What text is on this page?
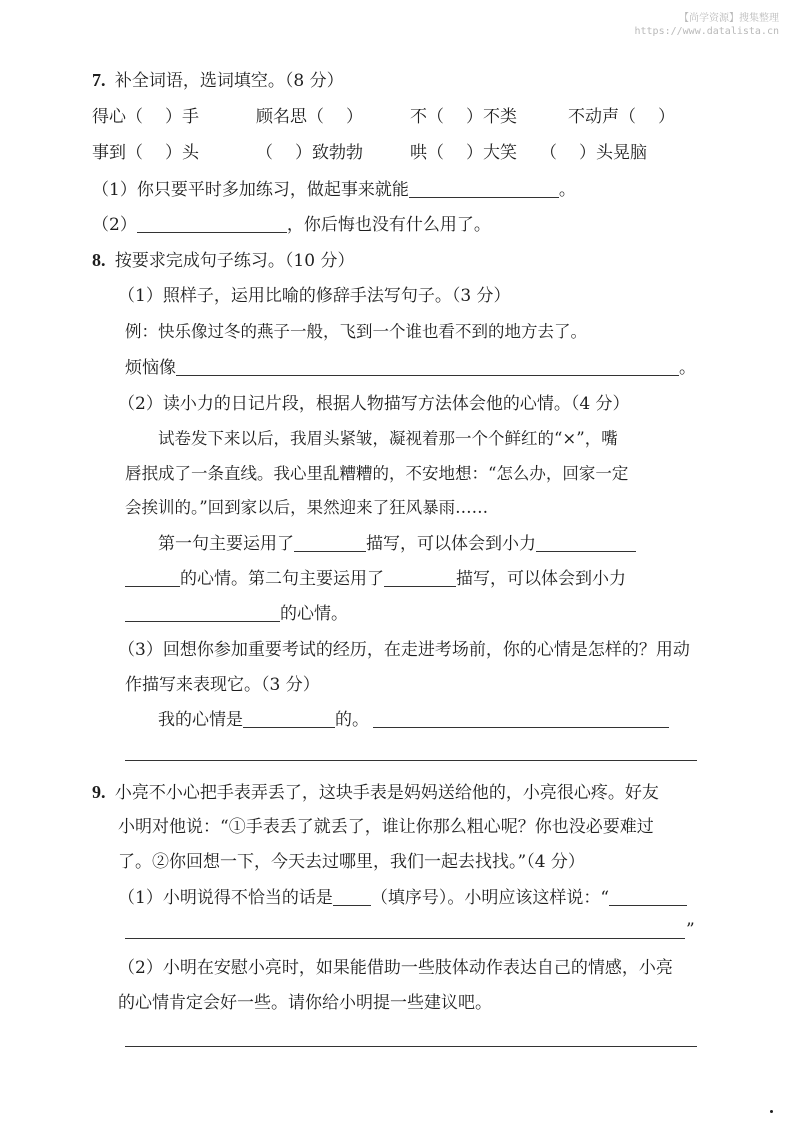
【尚学资源】搜集整理
https://www.datalista.cn
7. 补全词语，选词填空。（8 分）
得心（ ）手	顾名思（ ）	不（ ）不类	不动声（ ）
事到（ ）头	（ ）致勃勃	哄（ ）大笑 （ ）头晃脑
（1）你只要平时多加练习，做起事来就能	。
（2）	，你后悔也没有什么用了。
8. 按要求完成句子练习。（10 分）
（1）照样子，运用比喻的修辞手法写句子。（3 分）
例：快乐像过冬的燕子一般，飞到一个谁也看不到的地方去了。
烦恼像	。
（2）读小力的日记片段，根据人物描写方法体会他的心情。（4 分）
试卷发下来以后，我眉头紧皱，凝视着那一个个鲜红的“×”，嘴
唇抿成了一条直线。我心里乱糟糟的，不安地想：“怎么办，回家一定
会挨训的。”回到家以后，果然迎来了狂风暴雨……
第一句主要运用了	描写，可以体会到小力
的心情。第二句主要运用了	描写，可以体会到小力
的心情。
（3）回想你参加重要考试的经历，在走进考场前，你的心情是怎样的？用动
作描写来表现它。（3 分）
我的心情是	的。
9. 小亮不小心把手表弄丢了，这块手表是妈妈送给他的，小亮很心疼。好友
小明对他说：“①手表丢了就丢了，谁让你那么粗心呢？你也没必要难过
了。②你回想一下，今天去过哪里，我们一起去找找。”（4 分）
（1）小明说得不恰当的话是 （填序号）。小明应该这样说：“
”
（2）小明在安慰小亮时，如果能借助一些肢体动作表达自己的情感，小亮
的心情肯定会好一些。请你给小明提一些建议吧。
